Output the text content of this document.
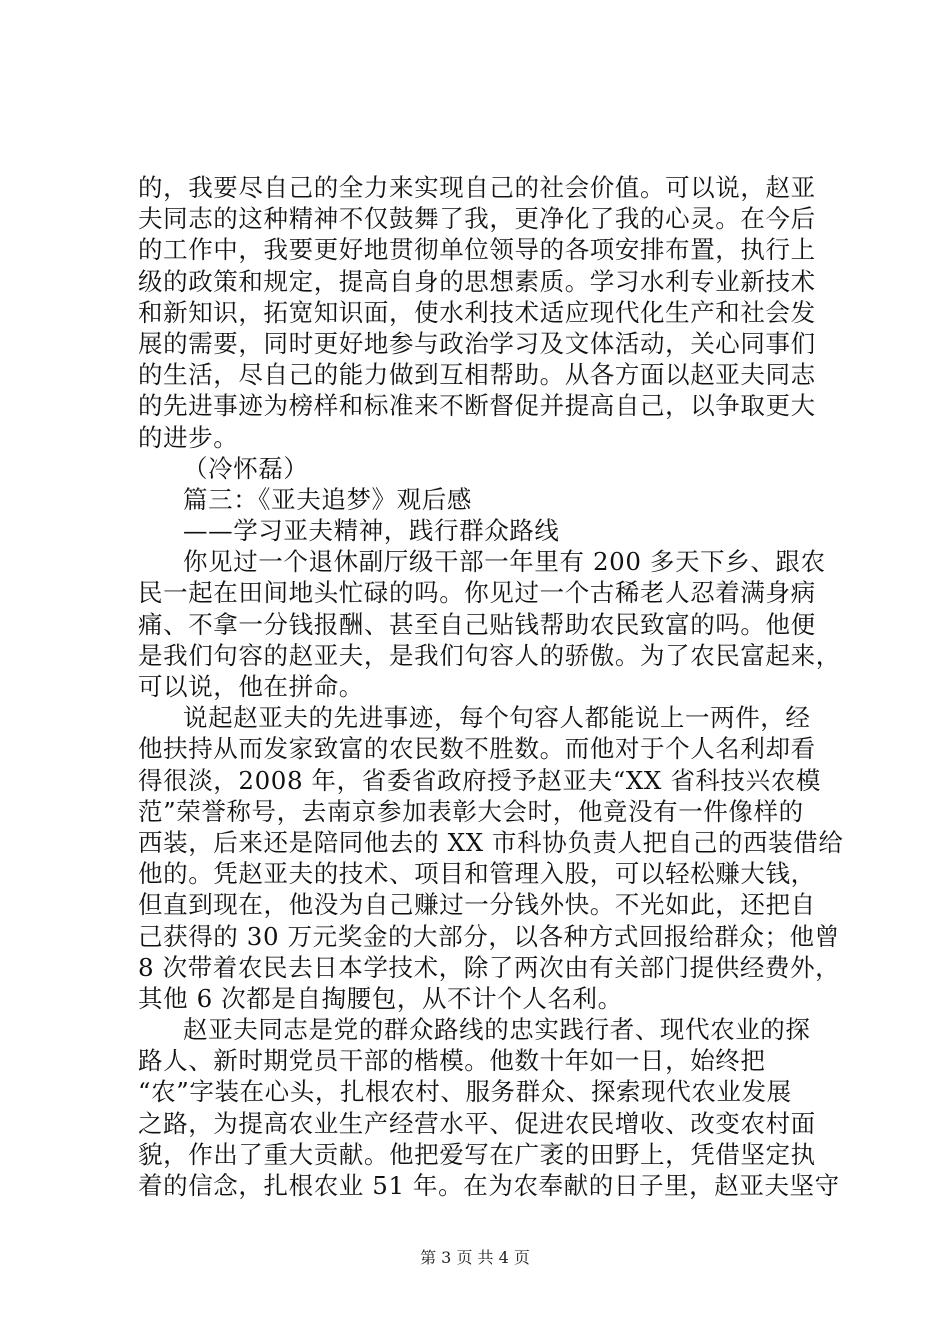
的，我要尽自己的全力来实现自己的社会价值。可以说，赵亚
夫同志的这种精神不仅鼓舞了我，更净化了我的心灵。在今后
的工作中，我要更好地贯彻单位领导的各项安排布置，执行上
级的政策和规定，提高自身的思想素质。学习水利专业新技术
和新知识，拓宽知识面，使水利技术适应现代化生产和社会发
展的需要，同时更好地参与政治学习及文体活动，关心同事们
的生活，尽自己的能力做到互相帮助。从各方面以赵亚夫同志
的先进事迹为榜样和标准来不断督促并提高自己，以争取更大
的进步。
（冷怀磊）
篇三：《亚夫追梦》观后感
——学习亚夫精神，践行群众路线
你见过一个退休副厅级干部一年里有 200 多天下乡、跟农
民一起在田间地头忙碌的吗。你见过一个古稀老人忍着满身病
痛、不拿一分钱报酬、甚至自己贴钱帮助农民致富的吗。他便
是我们句容的赵亚夫，是我们句容人的骄傲。为了农民富起来，
可以说，他在拼命。
说起赵亚夫的先进事迹，每个句容人都能说上一两件，经
他扶持从而发家致富的农民数不胜数。而他对于个人名利却看
得很淡，2008 年，省委省政府授予赵亚夫“XX 省科技兴农模
范”荣誉称号，去南京参加表彰大会时，他竟没有一件像样的
西装，后来还是陪同他去的 XX 市科协负责人把自己的西装借给
他的。凭赵亚夫的技术、项目和管理入股，可以轻松赚大钱，
但直到现在，他没为自己赚过一分钱外快。不光如此，还把自
己获得的 30 万元奖金的大部分，以各种方式回报给群众；他曾
8 次带着农民去日本学技术，除了两次由有关部门提供经费外，
其他 6 次都是自掏腰包，从不计个人名利。
赵亚夫同志是党的群众路线的忠实践行者、现代农业的探
路人、新时期党员干部的楷模。他数十年如一日，始终把
“农”字装在心头，扎根农村、服务群众、探索现代农业发展
之路，为提高农业生产经营水平、促进农民增收、改变农村面
貌，作出了重大贡献。他把爱写在广袤的田野上，凭借坚定执
着的信念，扎根农业 51 年。在为农奉献的日子里，赵亚夫坚守
第 3 页 共 4 页
